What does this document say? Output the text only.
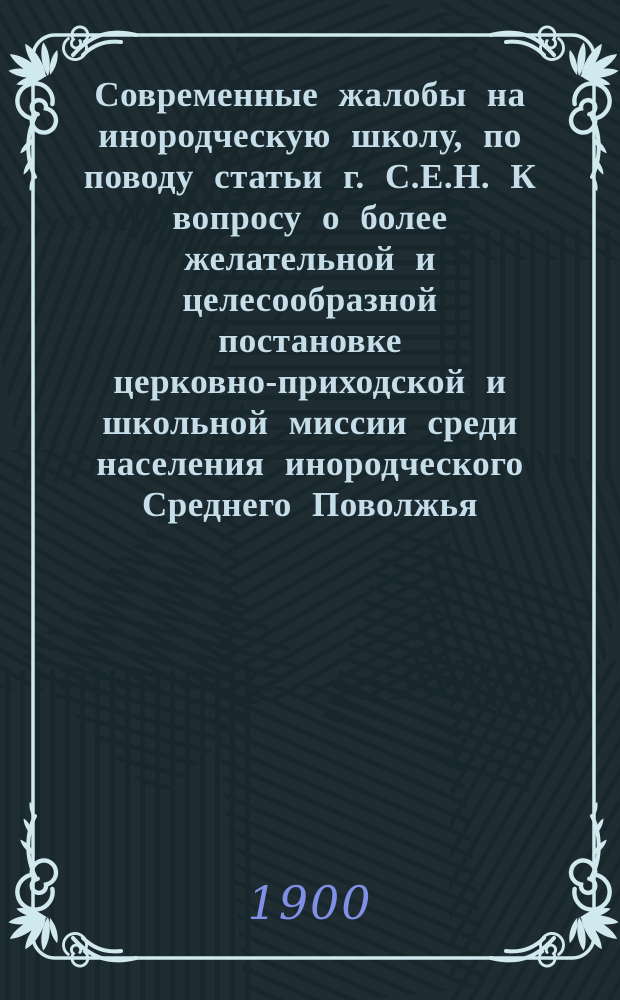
Современные жалобы на
инородческую школу, по
поводу статьи г. С.Е.Н. К
вопросу о более
желательной и
целесообразной
постановке
церковно-приходской и
школьной миссии среди
населения инородческого
Среднего Поволжья
1900
